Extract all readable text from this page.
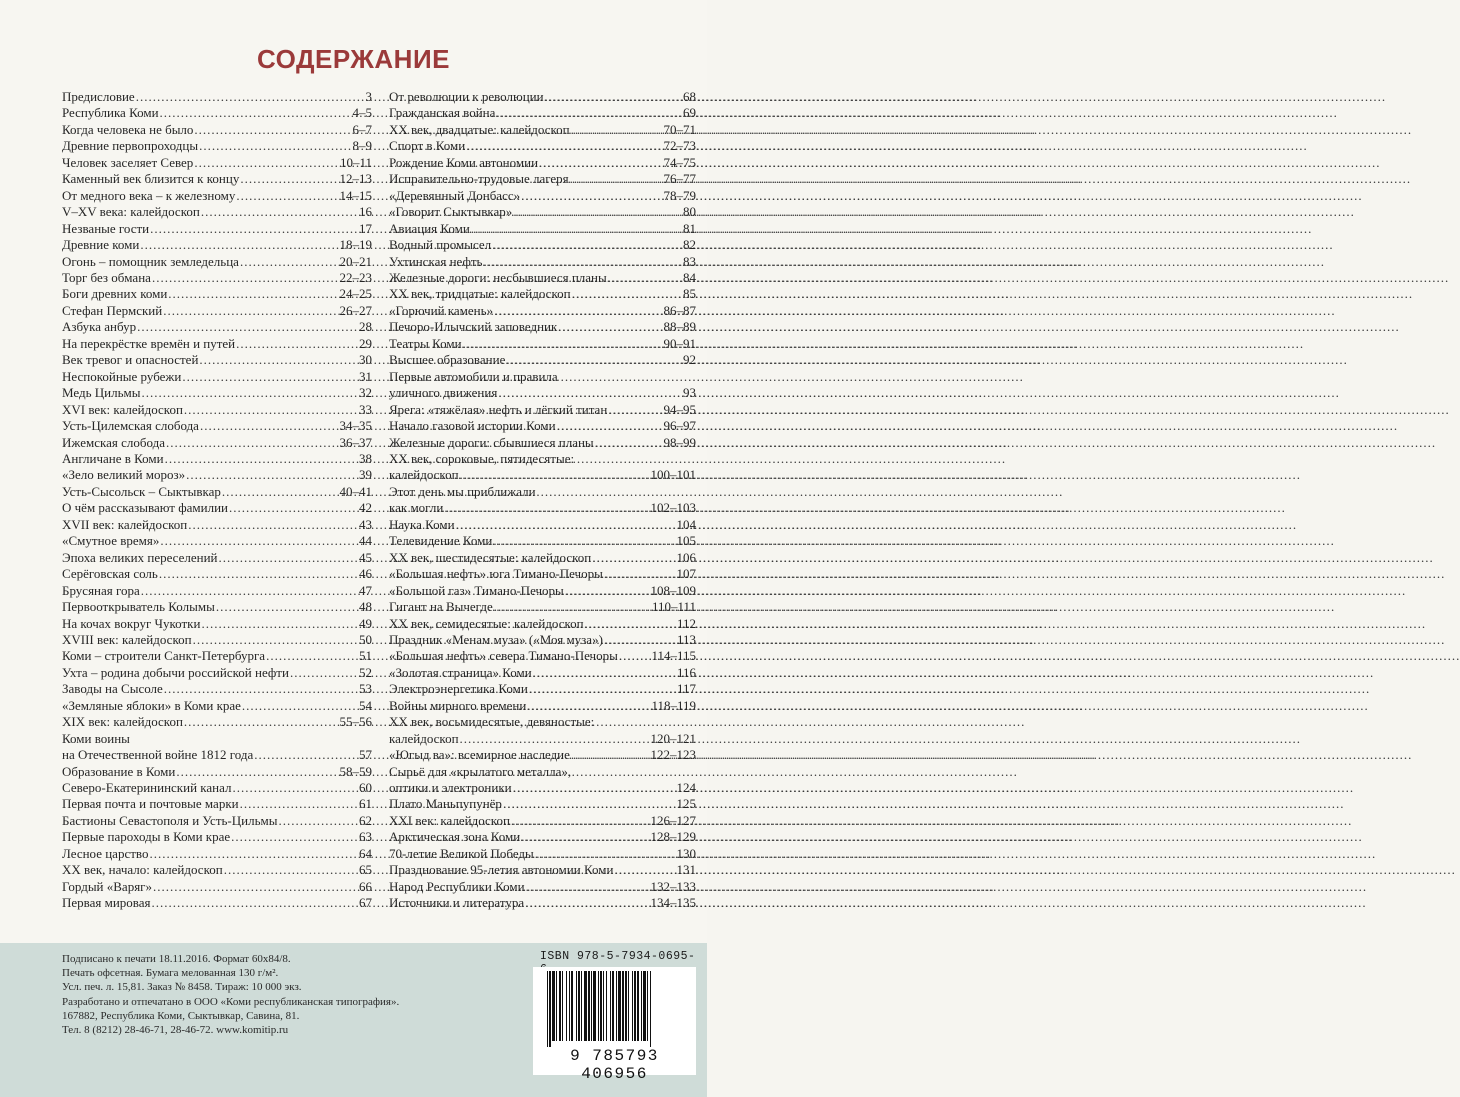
СОДЕРЖАНИЕ
Предисловие .....	3
Республика Коми .....	4–5
Когда человека не было .....	6–7
Древние первопроходцы .....	8–9
Человек заселяет Север .....	10–11
Каменный век близится к концу .....	12–13
От медного века – к железному .....	14–15
V–XV века: калейдоскоп .....	16
Незваные гости .....	17
Древние коми .....	18–19
Огонь – помощник земледельца .....	20–21
Торг без обмана .....	22–23
Боги древних коми .....	24–25
Стефан Пермский .....	26–27
Азбука анбур .....	28
На перекрёстке времён и путей .....	29
Век тревог и опасностей .....	30
Неспокойные рубежи .....	31
Медь Цильмы .....	32
XVI век: калейдоскоп .....	33
Усть-Цилемская слобода .....	34–35
Ижемская слобода .....	36–37
Англичане в Коми .....	38
«Зело великий мороз» .....	39
Усть-Сысольск – Сыктывкар .....	40–41
О чём рассказывают фамилии .....	42
XVII век: калейдоскоп .....	43
«Смутное время» .....	44
Эпоха великих переселений .....	45
Серёговская соль .....	46
Брусяная гора .....	47
Первооткрыватель Колымы .....	48
На кочах вокруг Чукотки .....	49
XVIII век: калейдоскоп .....	50
Коми – строители Санкт-Петербурга .....	51
Ухта – родина добычи российской нефти .....	52
Заводы на Сысоле .....	53
«Земляные яблоки» в Коми крае .....	54
XIX век: калейдоскоп .....	55–56
Коми воины
на Отечественной войне 1812 года .....	57
Образование в Коми .....	58–59
Северо-Екатерининский канал .....	60
Первая почта и почтовые марки .....	61
Бастионы Севастополя и Усть-Цильмы .....	62
Первые пароходы в Коми крае .....	63
Лесное царство .....	64
XX век, начало: калейдоскоп .....	65
Гордый «Варяг» .....	66
Первая мировая .....	67
От революции к революции .....	68
Гражданская война .....	69
XX век, двадцатые: калейдоскоп .....	70–71
Спорт в Коми .....	72–73
Рождение Коми автономии .....	74–75
Исправительно-трудовые лагеря .....	76–77
«Деревянный Донбасс» .....	78–79
«Говорит Сыктывкар» .....	80
Авиация Коми .....	81
Водный промысел .....	82
Ухтинская нефть .....	83
Железные дороги: несбывшиеся планы .....	84
XX век, тридцатые: калейдоскоп .....	85
«Горючий камень» .....	86–87
Печоро-Илычский заповедник .....	88–89
Театры Коми .....	90–91
Высшее образование .....	92
Первые автомобили и правила
уличного движения .....	93
Ярега: «тяжёлая» нефть и лёгкий титан .....	94–95
Начало газовой истории Коми .....	96–97
Железные дороги: сбывшиеся планы .....	98–99
XX век, сороковые, пятидесятые:
калейдоскоп .....	100–101
Этот день мы приближали
как могли .....	102–103
Наука Коми .....	104
Телевидение Коми .....	105
XX век, шестидесятые: калейдоскоп .....	106
«Большая нефть» юга Тимано-Печоры .....	107
«Большой газ» Тимано-Печоры .....	108–109
Гигант на Вычегде .....	110–111
XX век, семидесятые: калейдоскоп .....	112
Праздник «Менам муза» («Моя муза») .....	113
«Большая нефть» севера Тимано-Печоры .....	114–115
«Золотая страница» Коми .....	116
Электроэнергетика Коми .....	117
Войны мирного времени .....	118–119
XX век, восьмидесятые, девяностые:
калейдоскоп .....	120–121
«Югыд ва»: всемирное наследие .....	122–123
Сырьё для «крылатого металла»,
оптики и электроники .....	124
Плато Маньпупунёр .....	125
XXI век: калейдоскоп .....	126–127
Арктическая зона Коми .....	128–129
70-летие Великой Победы .....	130
Празднование 95-летия автономии Коми .....	131
Народ Республики Коми .....	132–133
Источники и литература .....	134–135
Подписано к печати 18.11.2016. Формат 60x84/8.
Печать офсетная. Бумага мелованная 130 г/м².
Усл. печ. л. 15,81. Заказ № 8458. Тираж: 10 000 экз.
Разработано и отпечатано в ООО «Коми республиканская типография».
167882, Республика Коми, Сыктывкар, Савина, 81.
Тел. 8 (8212) 28-46-71, 28-46-72. www.komitip.ru
ISBN 978-5-7934-0695-
9 785793 406956
